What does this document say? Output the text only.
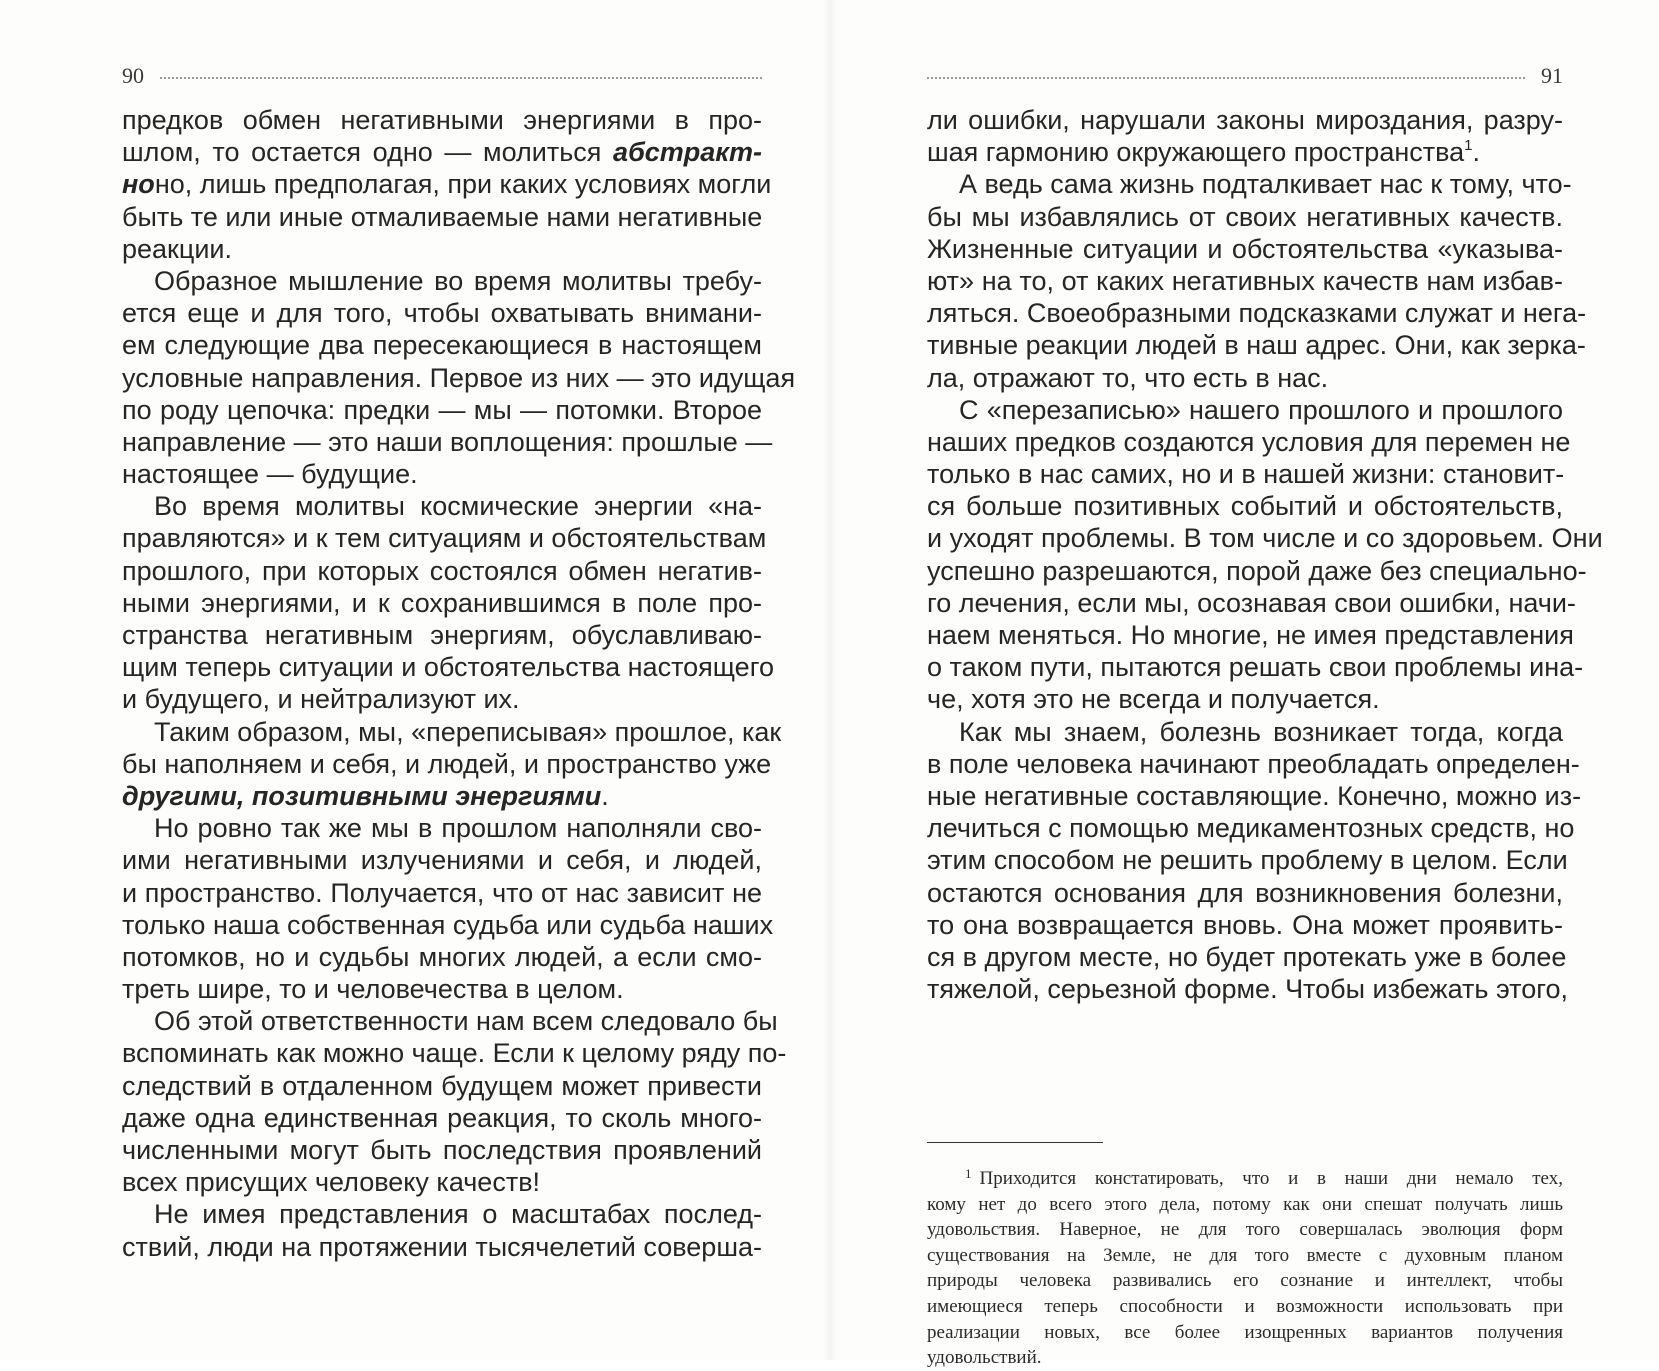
90
предков обмен негативными энергиями в про-
шлом, то остается одно — молиться абстракт-
ноно, лишь предполагая, при каких условиях могли
быть те или иные отмаливаемые нами негативные
реакции.
Образное мышление во время молитвы требу-
ется еще и для того, чтобы охватывать внимани-
ем следующие два пересекающиеся в настоящем
условные направления. Первое из них — это идущая
по роду цепочка: предки — мы — потомки. Второе
направление — это наши воплощения: прошлые —
настоящее — будущие.
Во время молитвы космические энергии «на-
правляются» и к тем ситуациям и обстоятельствам
прошлого, при которых состоялся обмен негатив-
ными энергиями, и к сохранившимся в поле про-
странства негативным энергиям, обуславливаю-
щим теперь ситуации и обстоятельства настоящего
и будущего, и нейтрализуют их.
Таким образом, мы, «переписывая» прошлое, как
бы наполняем и себя, и людей, и пространство уже
другими, позитивными энергиями.
Но ровно так же мы в прошлом наполняли сво-
ими негативными излучениями и себя, и людей,
и пространство. Получается, что от нас зависит не
только наша собственная судьба или судьба наших
потомков, но и судьбы многих людей, а если смо-
треть шире, то и человечества в целом.
Об этой ответственности нам всем следовало бы
вспоминать как можно чаще. Если к целому ряду по-
следствий в отдаленном будущем может привести
даже одна единственная реакция, то сколь много-
численными могут быть последствия проявлений
всех присущих человеку качеств!
Не имея представления о масштабах послед-
ствий, люди на протяжении тысячелетий соверша-
91
ли ошибки, нарушали законы мироздания, разру-
шая гармонию окружающего пространства$^1$.
А ведь сама жизнь подталкивает нас к тому, что-
бы мы избавлялись от своих негативных качеств.
Жизненные ситуации и обстоятельства «указыва-
ют» на то, от каких негативных качеств нам избав-
ляться. Своеобразными подсказками служат и нега-
тивные реакции людей в наш адрес. Они, как зерка-
ла, отражают то, что есть в нас.
С «перезаписью» нашего прошлого и прошлого
наших предков создаются условия для перемен не
только в нас самих, но и в нашей жизни: становит-
ся больше позитивных событий и обстоятельств,
и уходят проблемы. В том числе и со здоровьем. Они
успешно разрешаются, порой даже без специально-
го лечения, если мы, осознавая свои ошибки, начи-
наем меняться. Но многие, не имея представления
о таком пути, пытаются решать свои проблемы ина-
че, хотя это не всегда и получается.
Как мы знаем, болезнь возникает тогда, когда
в поле человека начинают преобладать определен-
ные негативные составляющие. Конечно, можно из-
лечиться с помощью медикаментозных средств, но
этим способом не решить проблему в целом. Если
остаются основания для возникновения болезни,
то она возвращается вновь. Она может проявить-
ся в другом месте, но будет протекать уже в более
тяжелой, серьезной форме. Чтобы избежать этого,
$^1$ Приходится констатировать, что и в наши дни немало тех,
кому нет до всего этого дела, потому как они спешат получать лишь
удовольствия. Наверное, не для того совершалась эволюция форм
существования на Земле, не для того вместе с духовным планом
природы человека развивались его сознание и интеллект, чтобы
имеющиеся теперь способности и возможности использовать при
реализации новых, все более изощренных вариантов получения
удовольствий.
